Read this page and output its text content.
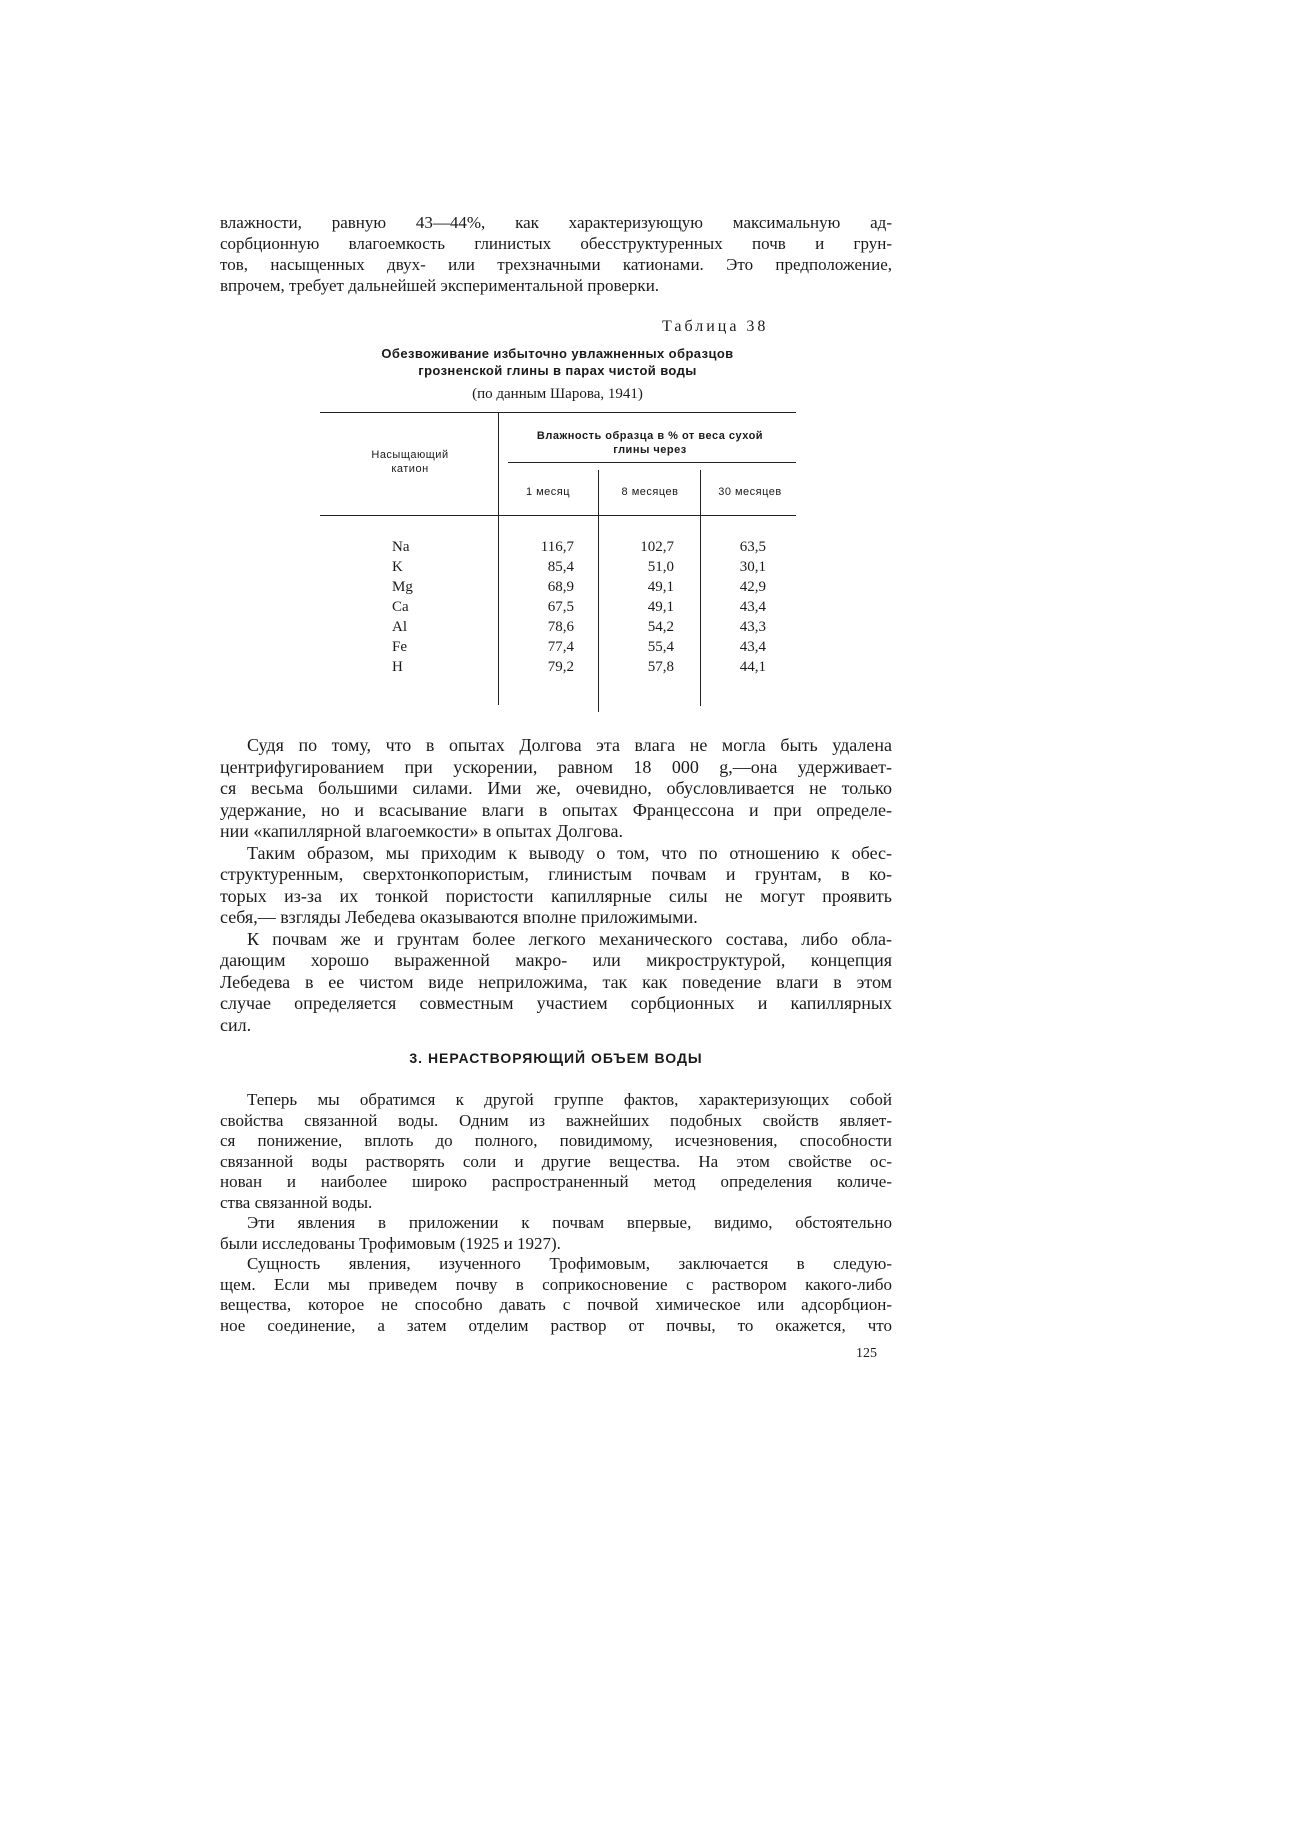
влажности, равную 43—44%, как характеризующую максимальную ад-
сорбционную влагоемкость глинистых обесструктуренных почв и грун-
тов, насыщенных двух- или трехзначными катионами. Это предположение,
впрочем, требует дальнейшей экспериментальной проверки.
Таблица 38
Обезвоживание избыточно увлажненных образцов
грозненской глины в парах чистой воды
(по данным Шарова, 1941)
Насыщающий
катион
Влажность образца в % от веса сухой
глины через
1 месяц	8 месяцев	30 месяцев
Na	116,7	102,7	63,5
K	85,4	51,0	30,1
Mg	68,9	49,1	42,9
Ca	67,5	49,1	43,4
Al	78,6	54,2	43,3
Fe	77,4	55,4	43,4
H	79,2	57,8	44,1
Судя по тому, что в опытах Долгова эта влага не могла быть удалена
центрифугированием при ускорении, равном 18 000 g,—она удерживает-
ся весьма большими силами. Ими же, очевидно, обусловливается не только
удержание, но и всасывание влаги в опытах Францессона и при определе-
нии «капиллярной влагоемкости» в опытах Долгова.
Таким образом, мы приходим к выводу о том, что по отношению к обес-
структуренным, сверхтонкопористым, глинистым почвам и грунтам, в ко-
торых из-за их тонкой пористости капиллярные силы не могут проявить
себя,— взгляды Лебедева оказываются вполне приложимыми.
К почвам же и грунтам более легкого механического состава, либо обла-
дающим хорошо выраженной макро- или микроструктурой, концепция
Лебедева в ее чистом виде неприложима, так как поведение влаги в этом
случае определяется совместным участием сорбционных и капиллярных
сил.
3. НЕРАСТВОРЯЮЩИЙ ОБЪЕМ ВОДЫ
Теперь мы обратимся к другой группе фактов, характеризующих собой
свойства связанной воды. Одним из важнейших подобных свойств являет-
ся понижение, вплоть до полного, повидимому, исчезновения, способности
связанной воды растворять соли и другие вещества. На этом свойстве ос-
нован и наиболее широко распространенный метод определения количе-
ства связанной воды.
Эти явления в приложении к почвам впервые, видимо, обстоятельно
были исследованы Трофимовым (1925 и 1927).
Сущность явления, изученного Трофимовым, заключается в следую-
щем. Если мы приведем почву в соприкосновение с раствором какого-либо
вещества, которое не способно давать с почвой химическое или адсорбцион-
ное соединение, а затем отделим раствор от почвы, то окажется, что
125
